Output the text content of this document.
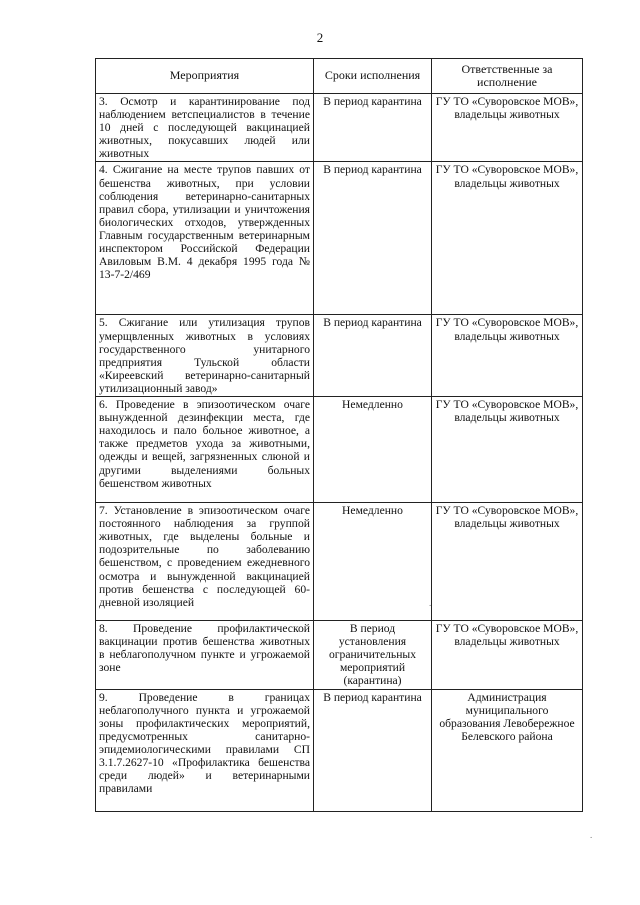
2
Мероприятия	Сроки исполнения	Ответственные за исполнение
3. Осмотр и карантинирование под наблюдением ветспециалистов в течение 10 дней с последующей вакцинацией животных, покусавших людей или животных	В период карантина	ГУ ТО «Суворовское МОВ», владельцы животных
4. Сжигание на месте трупов павших от бешенства животных, при условии соблюдения ветеринарно-санитарных правил сбора, утилизации и уничтожения биологических отходов, утвержденных Главным государственным ветеринарным инспектором Российской Федерации Авиловым В.М. 4 декабря 1995 года № 13-7-2/469	В период карантина	ГУ ТО «Суворовское МОВ», владельцы животных
5. Сжигание или утилизация трупов умерщвленных животных в условиях государственного унитарного предприятия Тульской области «Киреевский ветеринарно-санитарный утилизационный завод»	В период карантина	ГУ ТО «Суворовское МОВ», владельцы животных
6. Проведение в эпизоотическом очаге вынужденной дезинфекции места, где находилось и пало больное животное, а также предметов ухода за животными, одежды и вещей, загрязненных слюной и другими выделениями больных бешенством животных	Немедленно	ГУ ТО «Суворовское МОВ», владельцы животных
7. Установление в эпизоотическом очаге постоянного наблюдения за группой животных, где выделены больные и подозрительные по заболеванию бешенством, с проведением ежедневного осмотра и вынужденной вакцинацией против бешенства с последующей 60-дневной изоляцией	Немедленно	ГУ ТО «Суворовское МОВ», владельцы животных
8. Проведение профилактической вакцинации против бешенства животных в неблагополучном пункте и угрожаемой зоне	В период установления ограничительных мероприятий (карантина)	ГУ ТО «Суворовское МОВ», владельцы животных
9. Проведение в границах неблагополучного пункта и угрожаемой зоны профилактических мероприятий, предусмотренных санитарно-эпидемиологическими правилами СП 3.1.7.2627-10 «Профилактика бешенства среди людей» и ветеринарными правилами	В период карантина	Администрация муниципального образования Левобережное Белевского района
.
.
